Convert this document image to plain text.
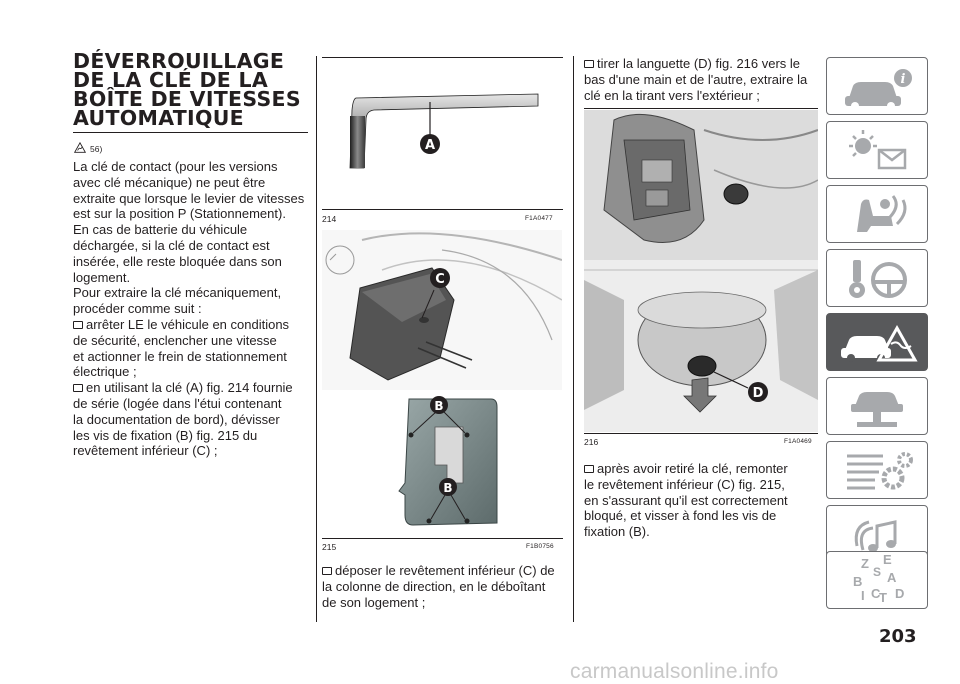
DÉVERROUILLAGE
DE LA CLÉ DE LA
BOÎTE DE VITESSES
AUTOMATIQUE
56)
La clé de contact (pour les versions
avec clé mécanique) ne peut être
extraite que lorsque le levier de vitesses
est sur la position P (Stationnement).
En cas de batterie du véhicule
déchargée, si la clé de contact est
insérée, elle reste bloquée dans son
logement.
Pour extraire la clé mécaniquement,
procéder comme suit :
arrêter LE le véhicule en conditions
de sécurité, enclencher une vitesse
et actionner le frein de stationnement
électrique ;
en utilisant la clé (A) fig. 214 fournie
de série (logée dans l'étui contenant
la documentation de bord), dévisser
les vis de fixation (B) fig. 215 du
revêtement inférieur (C) ;
A
214	F1A0477
C
B
B
215	F1B0756
déposer le revêtement inférieur (C) de
la colonne de direction, en le déboîtant
de son logement ;
tirer la languette (D) fig. 216 vers le
bas d'une main et de l'autre, extraire la
clé en la tirant vers l'extérieur ;
D
216	F1A0469
après avoir retiré la clé, remonter
le revêtement inférieur (C) fig. 215,
en s'assurant qu'il est correctement
bloqué, et visser à fond les vis de
fixation (B).
i
Z E
S
B A
I C
T D
203
carmanualsonline.info
